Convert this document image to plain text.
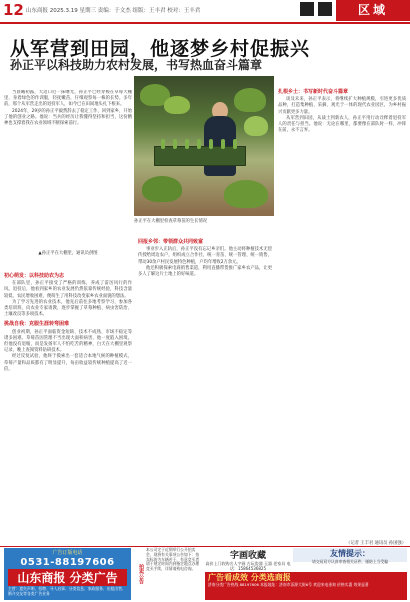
12 山东商报 2025.3.19 星期三 责编：于文杰 组版：王丰君 校对：王丰君	区域
从军营到田园，他逐梦乡村促振兴
孙正平以科技助力农村发展，书写热血奋斗篇章

当晨曦初露，大边口近一抹曙光，孙正平已经穿梭在草莓大棚里，身着绿色的作训服，轻抚嫩苗，仔细观察每一株的长势。多年前，那个从军营走出的退役军人，如今已在田间地头扎下根来。

2024年，29岁的孙正平毅然辞去了稳定工作，回到家乡，开始了他的创业之路。他说：当兵的经历让我懂得坚持和担当，这份精神也支撑着我在农业领域不断探索前行。

▲孙正平在大棚里，通讯员供图
初心萌发：以科技助农为志

在部队里，孙正平接受了严格的训练，养成了雷厉风行的作风。退役后，他看到家乡的农业发展仍然依靠传统经验，科技含量较低，农民增收困难，便萌生了用科技改变家乡农业面貌的想法。

为了学习先进的农业技术，他先后前往多地考察学习，参加各类培训班，向农业专家请教，逐步掌握了草莓种植、病虫害防治、土壤改良等多项技术。

挑战自我：克服生涯转弯困难

创业初期，孙正平面临资金短缺、技术不成熟、市场不稳定等诸多困难。草莓苗因管理不当出现大面积病害，他一度陷入困境。但他没有退缩，而是发扬军人不怕吃苦的精神，白天在大棚里观察记录，晚上查阅资料钻研技术。

经过反复试验，他终于摸索出一套适合本地气候的种植模式，草莓产量和品质都有了明显提升，每亩收益较传统种植提高了近一倍。

孙正平在大棚里检查草莓苗的生长情况
回报乡邻：带领群众共同致富

事业步入正轨后，孙正平没有忘记乡亲们。他主动将种植技术无偿传授给周边农户，组织成立合作社，统一育苗、统一管理、统一销售，带动30余户村民发展特色种植，户均年增收2万余元。

他还积极探索电商销售渠道，利用直播带货推广家乡农产品，让更多人了解这片土地上的好味道。

扎根乡土：书写新时代奋斗篇章

谈及未来，孙正平表示，将继续扩大种植规模，引进更多优质品种，打造集种植、采摘、观光于一体的现代农业园区，为乡村振兴贡献更多力量。

从军营到田园，从战士到新农人，孙正平用行动诠释着退役军人的责任与担当。他说：无论在哪里，都要像在部队时一样，冲锋在前，永不言弃。

（记者 王丰君 通讯员 孙国强）
广告订版电话
0531-88197606
山东商报 分类广告
主营：遗失声明、招聘、寻人启事、分类信息、家政服务、出租出售、婚介交友等各类广告业务
拍卖公告
本公司定于近期举行公开拍卖会，现将有关事项公告如下：拍卖标的为车辆若干，有意竞买者请于规定时间内到指定地点办理竞买手续，详情请致电咨询。
字画收藏
高价上门收购名人字画 古玩瓷器 玉器 老家具 电话：15864536825
友情提示：
请交易双方认真审查相关证件，谨防上当受骗
广告看成效 分类选商报
济南分类广告热线 88197606 本报地址：济南市泺源大街6号 欢迎来电垂询 价格实惠 效果显著
